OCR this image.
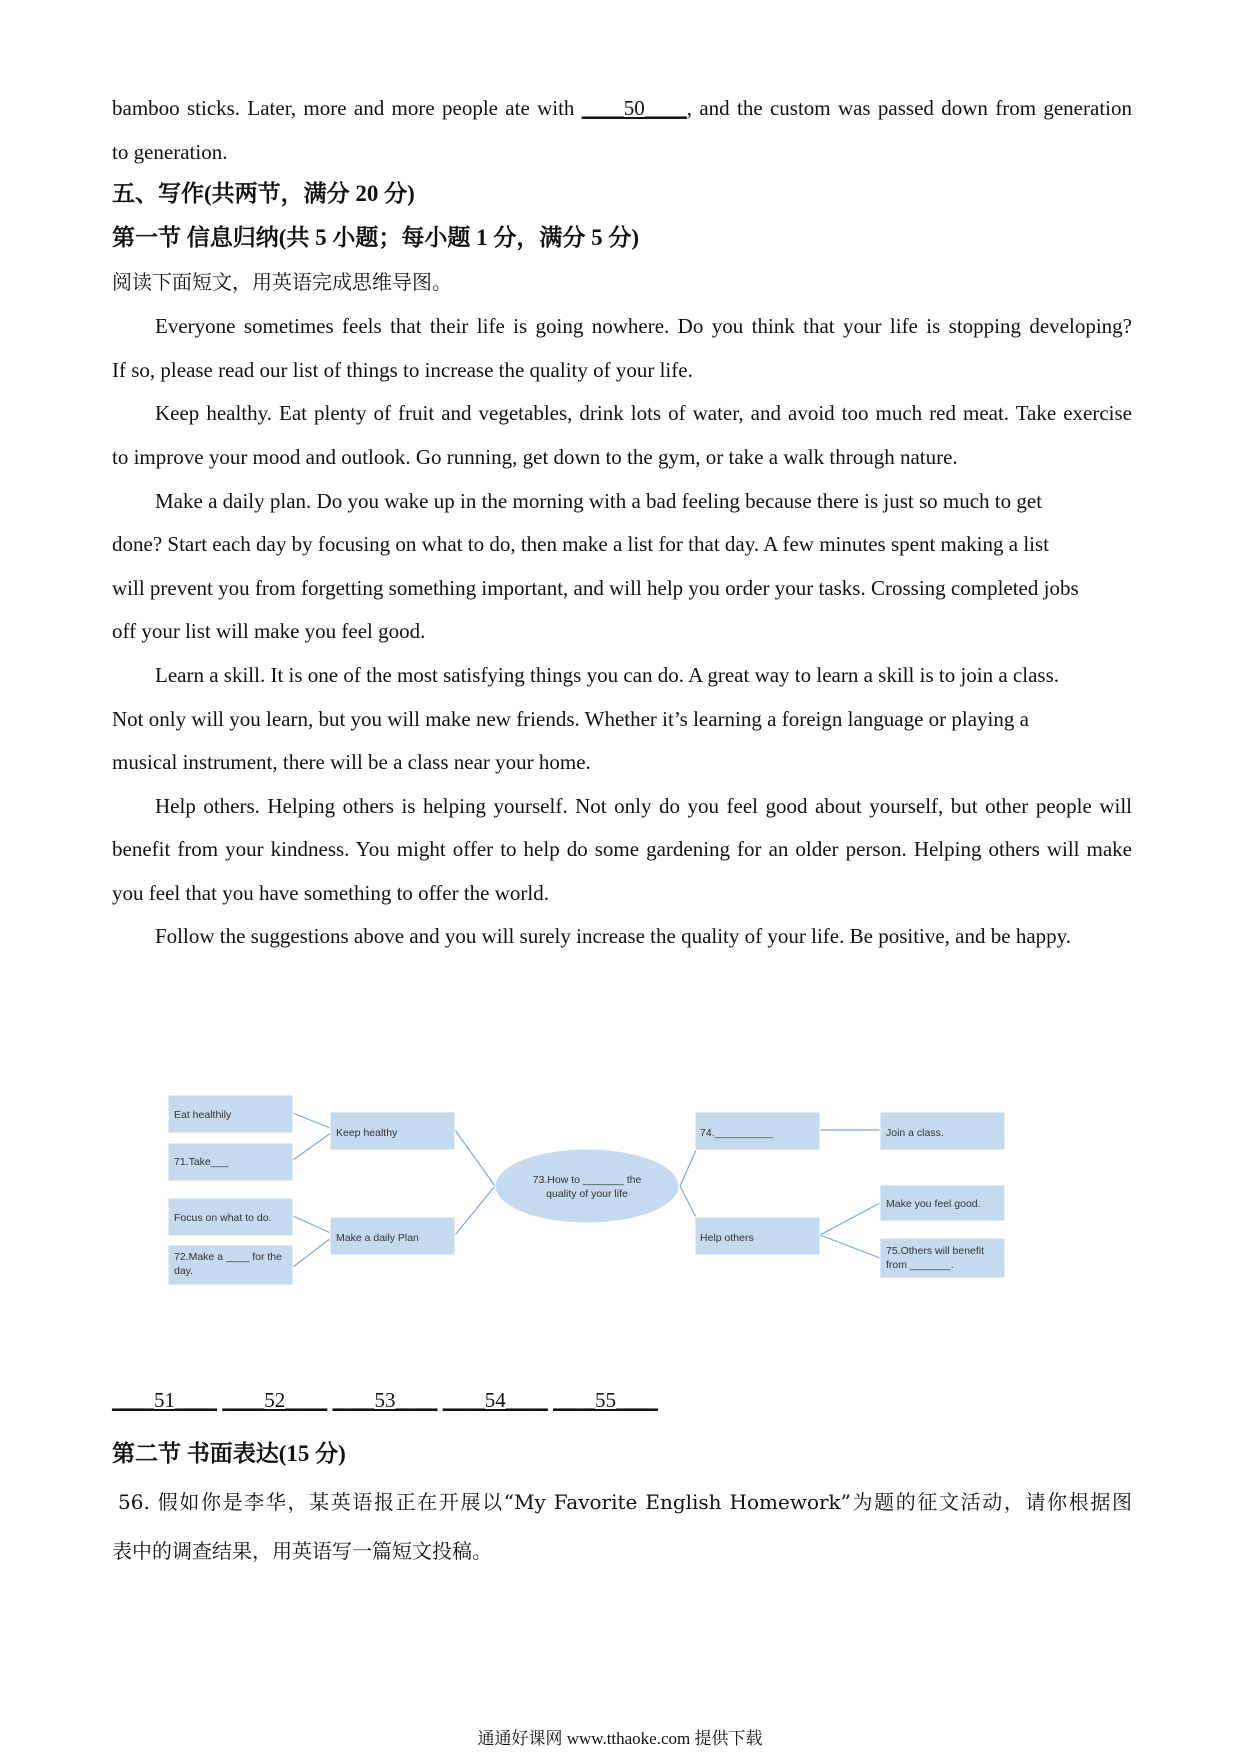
bamboo sticks. Later, more and more people ate with ____50____, and the custom was passed down from generation
to generation.
五、写作(共两节，满分 20 分)
第一节 信息归纳(共 5 小题；每小题 1 分，满分 5 分)
阅读下面短文，用英语完成思维导图。
Everyone sometimes feels that their life is going nowhere. Do you think that your life is stopping developing?
If so, please read our list of things to increase the quality of your life.
Keep healthy. Eat plenty of fruit and vegetables, drink lots of water, and avoid too much red meat. Take exercise
to improve your mood and outlook. Go running, get down to the gym, or take a walk through nature.
Make a daily plan. Do you wake up in the morning with a bad feeling because there is just so much to get
done? Start each day by focusing on what to do, then make a list for that day. A few minutes spent making a list
will prevent you from forgetting something important, and will help you order your tasks. Crossing completed jobs
off your list will make you feel good.
Learn a skill. It is one of the most satisfying things you can do. A great way to learn a skill is to join a class.
Not only will you learn, but you will make new friends. Whether it’s learning a foreign language or playing a
musical instrument, there will be a class near your home.
Help others. Helping others is helping yourself. Not only do you feel good about yourself, but other people will
benefit from your kindness. You might offer to help do some gardening for an older person. Helping others will make
you feel that you have something to offer the world.
Follow the suggestions above and you will surely increase the quality of your life. Be positive, and be happy.
Eat healthily
71.Take___
Focus on what to do.
72.Make a ____ for the
day.
Keep healthy
Make a daily Plan
73.How to _______ the
quality of your life
74.__________
Help others
Join a class.
Make you feel good.
75.Others will benefit
from _______.
____51____ ____52____ ____53____ ____54____ ____55____
第二节 书面表达(15 分)
56. 假如你是李华，某英语报正在开展以“My Favorite English Homework”为题的征文活动，请你根据图
表中的调查结果，用英语写一篇短文投稿。
通通好课网 www.tthaoke.com 提供下载
